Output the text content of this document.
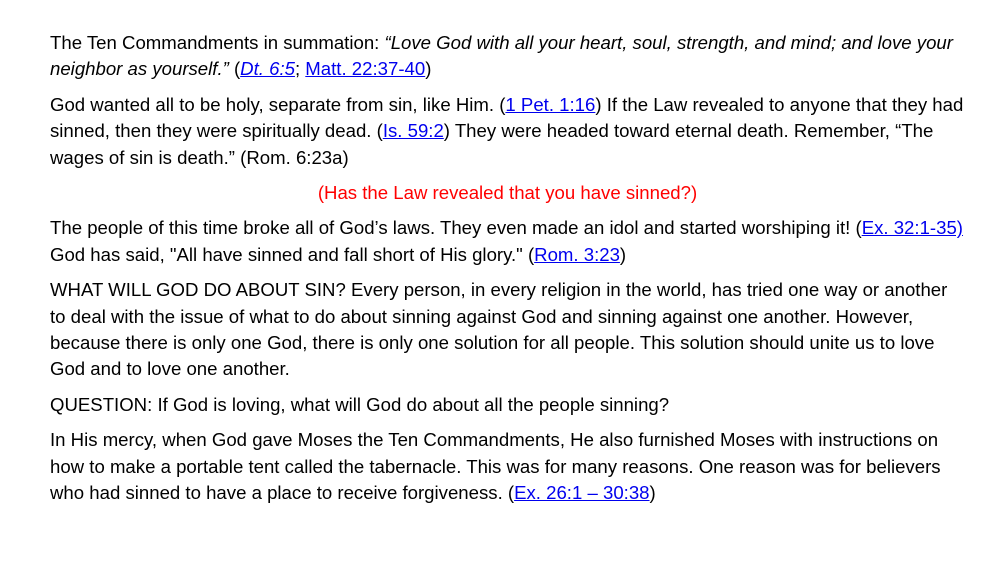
The Ten Commandments in summation: “Love God with all your heart, soul, strength, and mind; and love your neighbor as yourself.” (Dt. 6:5; Matt. 22:37-40)

God wanted all to be holy, separate from sin, like Him. (1 Pet. 1:16) If the Law revealed to anyone that they had sinned, then they were spiritually dead. (Is. 59:2) They were headed toward eternal death. Remember, “The wages of sin is death.” (Rom. 6:23a)

(Has the Law revealed that you have sinned?)

The people of this time broke all of God’s laws. They even made an idol and started worshiping it! (Ex. 32:1-35) God has said, "All have sinned and fall short of His glory." (Rom. 3:23)

WHAT WILL GOD DO ABOUT SIN? Every person, in every religion in the world, has tried one way or another to deal with the issue of what to do about sinning against God and sinning against one another. However, because there is only one God, there is only one solution for all people. This solution should unite us to love God and to love one another.

QUESTION: If God is loving, what will God do about all the people sinning?

In His mercy, when God gave Moses the Ten Commandments, He also furnished Moses with instructions on how to make a portable tent called the tabernacle. This was for many reasons. One reason was for believers who had sinned to have a place to receive forgiveness. (Ex. 26:1 – 30:38)
